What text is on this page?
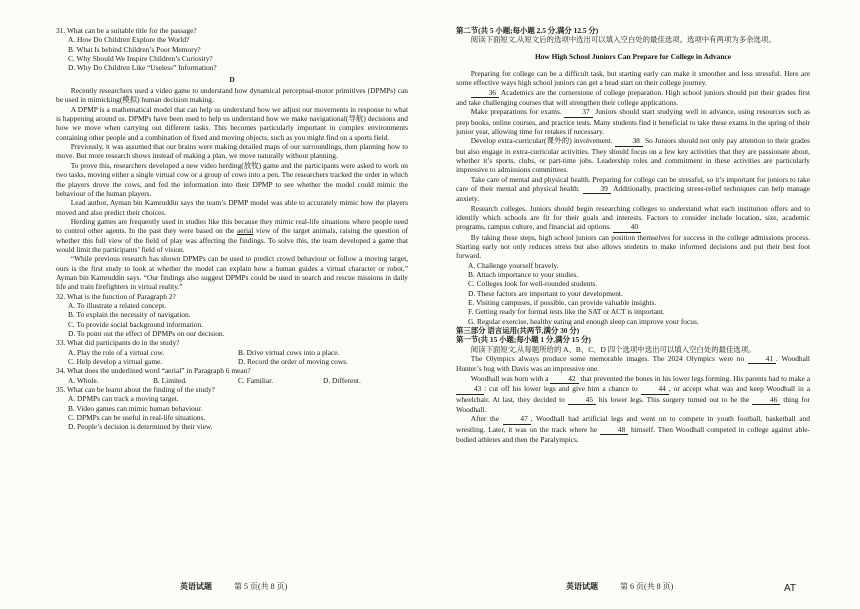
31. What can be a suitable title for the passage?

A. How Do Children Explore the World?

B. What Is behind Children’s Poor Memory?

C. Why Should We Inspire Children’s Curiosity?

D. Why Do Children Like “Useless” Information?

D

Recently researchers used a video game to understand how dynamical perceptual-motor primitives (DPMPs) can be used in mimicking(模拟) human decision making.

A DPMP is a mathematical model that can help us understand how we adjust our movements in response to what is happening around us. DPMPs have been used to help us understand how we make navigational(导航) decisions and how we move when carrying out different tasks. This becomes particularly important in complex environments containing other people and a combination of fixed and moving objects, such as you might find on a sports field.

Previously, it was assumed that our brains were making detailed maps of our surroundings, then planning how to move. But more research shows instead of making a plan, we move naturally without planning.

To prove this, researchers developed a new video herding(放牧) game and the participants were asked to work on two tasks, moving either a single virtual cow or a group of cows into a pen. The researchers tracked the order in which the players drove the cows, and fed the information into their DPMP to see whether the model could mimic the behaviour of the human players.

Lead author, Ayman bin Kamruddin says the team’s DPMP model was able to accurately mimic how the players moved and also predict their choices.

Herding games are frequently used in studies like this because they mimic real-life situations where people need to control other agents. In the past they were based on the aerial view of the target animals, raising the question of whether this full view of the field of play was affecting the findings. To solve this, the team developed a game that would limit the participants’ field of vision.

“While previous research has shown DPMPs can be used to predict crowd behaviour or follow a moving target, ours is the first study to look at whether the model can explain how a human guides a virtual character or robot,” Ayman bin Kamruddin says. “Our findings also suggest DPMPs could be used in search and rescue missions in daily life and train firefighters in virtual reality.”

32. What is the function of Paragraph 2?

A. To illustrate a related concept.

B. To explain the necessity of navigation.

C. To provide social background information.

D. To point out the effect of DPMPs on our decision.

33. What did participants do in the study?

A. Play the role of a virtual cow.	B. Drive virtual cows into a place.
C. Help develop a virtual game.	D. Record the order of moving cows.

34. What does the underlined word “aerial” in Paragraph 6 mean?

A. Whole.	B. Limited.	C. Familiar.	D. Different.

35. What can be learnt about the finding of the study?

A. DPMPs can track a moving target.

B. Video games can mimic human behaviour.

C. DPMPs can be useful in real-life situations.

D. People’s decision is determined by their view.

第二节(共 5 小题;每小题 2.5 分,满分 12.5 分)

阅读下面短文,从短文后的选项中选出可以填入空白处的最佳选项。选项中有两项为多余选项。

How High School Juniors Can Prepare for College in Advance

Preparing for college can be a difficult task, but starting early can make it smoother and less stressful. Here are some effective ways high school juniors can get a head start on their college journey.

36 Academics are the cornerstone of college preparation. High school juniors should put their grades first and take challenging courses that will strengthen their college applications.

Make preparations for exams.	37 Juniors should start studying well in advance, using resources such as prep books, online courses, and practice tests. Many students find it beneficial to take these exams in the spring of their junior year, allowing time for retakes if necessary.

Develop extra-curricular(课外的) involvement.	38 So Juniors should not only pay attention to their grades but also engage in extra-curricular activities. They should focus on a few key activities that they are passionate about, whether it’s sports, clubs, or part-time jobs. Leadership roles and commitment in these activities are particularly impressive to admissions committees.

Take care of mental and physical health. Preparing for college can be stressful, so it’s important for juniors to take care of their mental and physical health.	39 Additionally, practicing stress-relief techniques can help manage anxiety.

Research colleges. Juniors should begin researching colleges to understand what each institution offers and to identify which schools are fit for their goals and interests. Factors to consider include location, size, academic programs, campus culture, and financial aid options.	40

By taking these steps, high school juniors can position themselves for success in the college admissions process. Starting early not only reduces stress but also allows students to make informed decisions and put their best foot forward.

A. Challenge yourself bravely.

B. Attach importance to your studies.

C. Colleges look for well-rounded students.

D. These factors are important to your development.

E. Visiting campuses, if possible, can provide valuable insights.

F. Getting ready for formal tests like the SAT or ACT is important.

G. Regular exercise, healthy eating and enough sleep can improve your focus.

第三部分 语言运用(共两节,满分 30 分)

第一节(共 15 小题;每小题 1 分,满分 15 分)

阅读下面短文,从每题所给的 A、B、C、D 四个选项中选出可以填入空白处的最佳选项。

The Olympics always produce some memorable images. The 2024 Olympics were no	41 . Woodhall Hunter’s hug with Davis was an impressive one.

Woodhall was born with a	42 that prevented the bones in his lower legs forming. His parents had to make a 43 : cut off his lower legs and give him a chance to	44 , or accept what was and keep Woodhall in a wheelchair. At last, they decided to	45 his lower legs. This surgery turned out to be the	46 thing for Woodhall.

After the	47 , Woodhall had artificial legs and went on to compete in youth football, basketball and wrestling. Later, it was on the track where he	48 himself. Then Woodhall competed in college against able-bodied athletes and then the Paralympics.

英语试题	第 5 页(共 8 页)	英语试题	第 6 页(共 8 页)	AT
